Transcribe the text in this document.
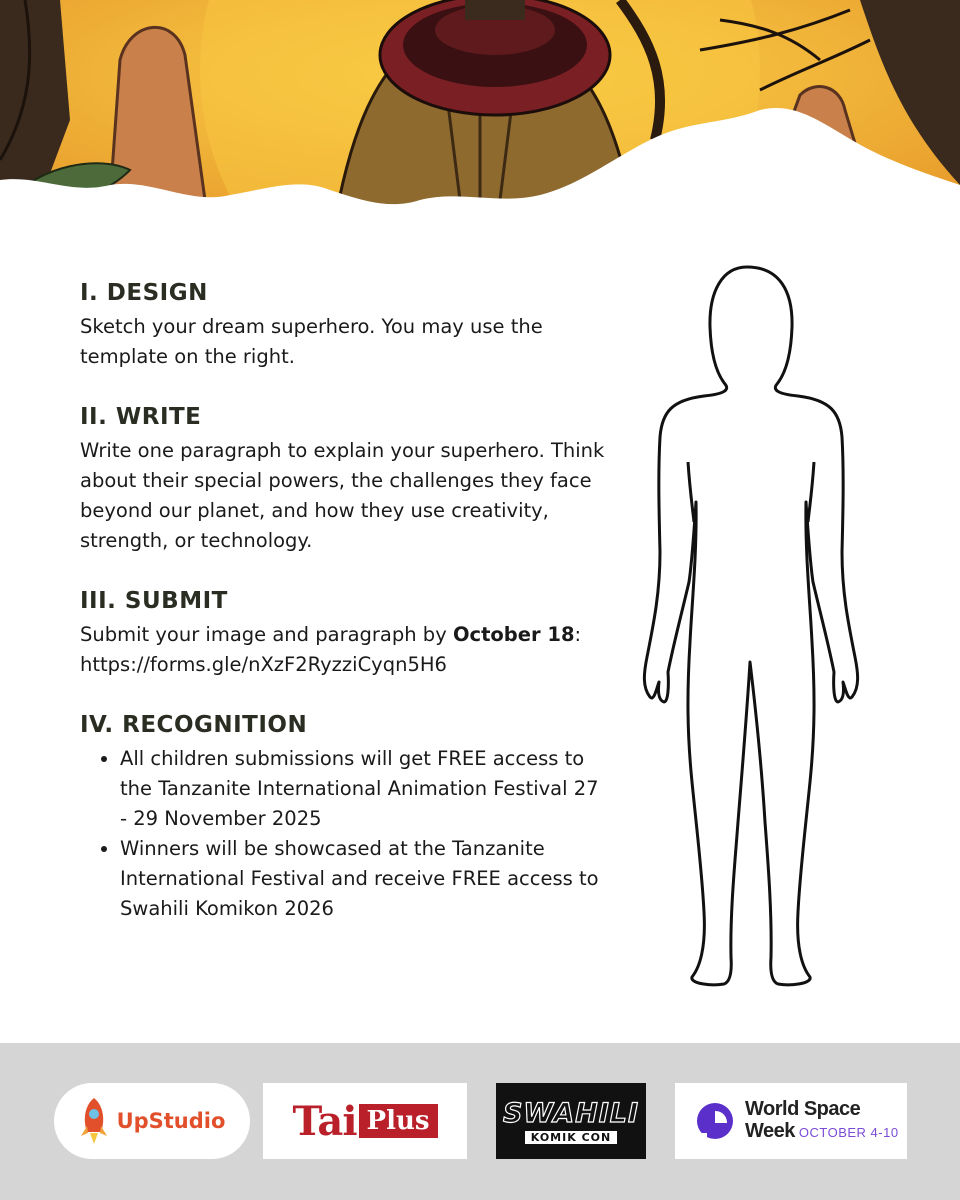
I. DESIGN

Sketch your dream superhero. You may use the template on the right.

II. WRITE

Write one paragraph to explain your superhero. Think about their special powers, the challenges they face beyond our planet, and how they use creativity, strength, or technology.

III. SUBMIT

Submit your image and paragraph by October 18: https://forms.gle/nXzF2RyzziCyqn5H6

IV. RECOGNITION
• All children submissions will get FREE access to the Tanzanite International Animation Festival 27 - 29 November 2025
• Winners will be showcased at the Tanzanite International Festival and receive FREE access to Swahili Komikon 2026
UpStudio Tai Plus	SWAHILI
KOMIK CON
World Space
Week OCTOBER 4-10
